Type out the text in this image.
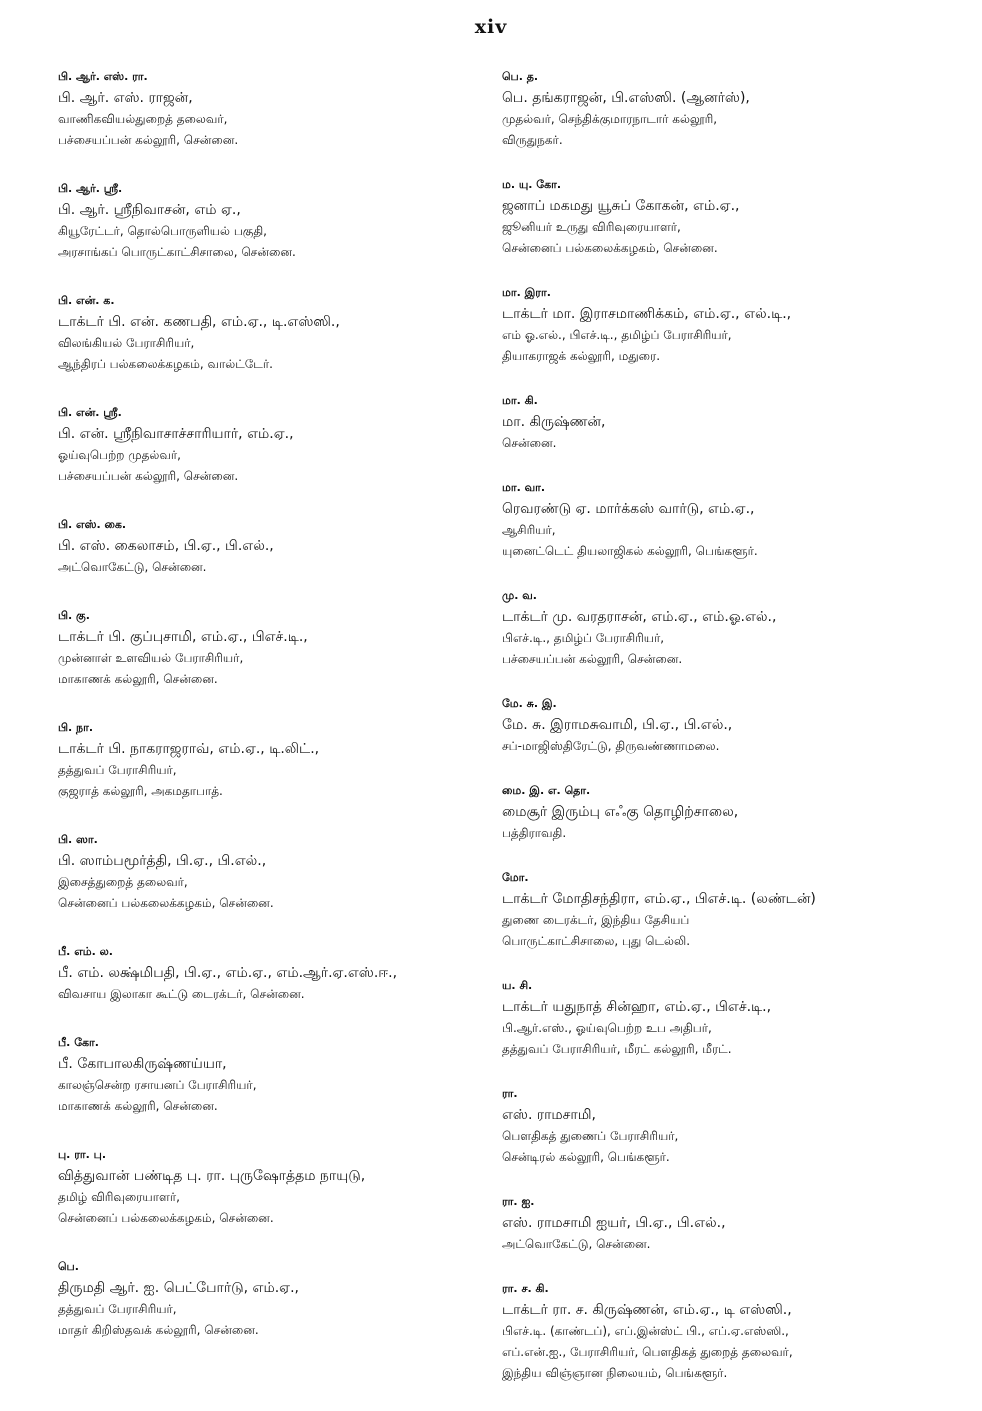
xiv
பி. ஆர். எஸ். ரா.
பி. ஆர். எஸ். ராஜன்,
வாணிகவியல்துறைத் தலைவர்,
பச்சையப்பன் கல்லூரி, சென்னை.
பி. ஆர். ஸ்ரீ.
பி. ஆர். ஸ்ரீநிவாசன், எம் ஏ.,
கியூரேட்டர், தொல்பொருளியல் பகுதி,
அரசாங்கப் பொருட்காட்சிசாலை, சென்னை.
பி. என். க.
டாக்டர் பி. என். கணபதி, எம்.ஏ., டி.எஸ்ஸி.,
விலங்கியல் பேராசிரியர்,
ஆந்திரப் பல்கலைக்கழகம், வால்ட்டேர்.
பி. என். ஸ்ரீ.
பி. என். ஸ்ரீநிவாசாச்சாரியார், எம்.ஏ.,
ஓய்வுபெற்ற முதல்வர்,
பச்சையப்பன் கல்லூரி, சென்னை.
பி. எஸ். கை.
பி. எஸ். கைலாசம், பி.ஏ., பி.எல்.,
அட்வொகேட்டு, சென்னை.
பி. கு.
டாக்டர் பி. குப்புசாமி, எம்.ஏ., பிஎச்.டி.,
முன்னாள் உளவியல் பேராசிரியர்,
மாகாணக் கல்லூரி, சென்னை.
பி. நா.
டாக்டர் பி. நாகராஜராவ், எம்.ஏ., டி.லிட்.,
தத்துவப் பேராசிரியர்,
குஜராத் கல்லூரி, அகமதாபாத்.
பி. ஸா.
பி. ஸாம்பமூர்த்தி, பி.ஏ., பி.எல்.,
இசைத்துறைத் தலைவர்,
சென்னைப் பல்கலைக்கழகம், சென்னை.
பீ. எம். ல.
பீ. எம். லக்ஷ்மிபதி, பி.ஏ., எம்.ஏ., எம்.ஆர்.ஏ.எஸ்.ஈ.,
விவசாய இலாகா கூட்டு டைரக்டர், சென்னை.
பீ. கோ.
பீ. கோபாலகிருஷ்ணய்யா,
காலஞ்சென்ற ரசாயனப் பேராசிரியர்,
மாகாணக் கல்லூரி, சென்னை.
பு. ரா. பு.
வித்துவான் பண்டித பு. ரா. புருஷோத்தம நாயுடு,
தமிழ் விரிவுரையாளர்,
சென்னைப் பல்கலைக்கழகம், சென்னை.
பெ.
திருமதி ஆர். ஐ. பெட்போர்டு, எம்.ஏ.,
தத்துவப் பேராசிரியர்,
மாதர் கிறிஸ்தவக் கல்லூரி, சென்னை.
பெ. த.
பெ. தங்கராஜன், பி.எஸ்ஸி. (ஆனர்ஸ்),
முதல்வர், செந்திக்குமாரநாடார் கல்லூரி,
விருதுநகர்.
ம. யு. கோ.
ஜனாப் மகமது யூசுப் கோகன், எம்.ஏ.,
ஜூனியர் உருது விரிவுரையாளர்,
சென்னைப் பல்கலைக்கழகம், சென்னை.
மா. இரா.
டாக்டர் மா. இராசமாணிக்கம், எம்.ஏ., எல்.டி.,
எம் ஓ.எல்., பிஎச்.டி., தமிழ்ப் பேராசிரியர்,
தியாகராஜக் கல்லூரி, மதுரை.
மா. கி.
மா. கிருஷ்ணன்,
சென்னை.
மா. வா.
ரெவரண்டு ஏ. மார்க்கஸ் வார்டு, எம்.ஏ.,
ஆசிரியர்,
யுனைட்டெட் தியலாஜிகல் கல்லூரி, பெங்களூர்.
மு. வ.
டாக்டர் மு. வரதராசன், எம்.ஏ., எம்.ஓ.எல்.,
பிஎச்.டி., தமிழ்ப் பேராசிரியர்,
பச்சையப்பன் கல்லூரி, சென்னை.
மே. சு. இ.
மே. சு. இராமசுவாமி, பி.ஏ., பி.எல்.,
சப்-மாஜிஸ்திரேட்டு, திருவண்ணாமலை.
மை. இ. எ. தொ.
மைசூர் இரும்பு எஃகு தொழிற்சாலை,
பத்திராவதி.
மோ.
டாக்டர் மோதிசந்திரா, எம்.ஏ., பிஎச்.டி. (லண்டன்)
துணை டைரக்டர், இந்திய தேசியப்
பொருட்காட்சிசாலை, புது டெல்லி.
ய. சி.
டாக்டர் யதுநாத் சின்ஹா, எம்.ஏ., பிஎச்.டி.,
பி.ஆர்.எஸ்., ஓய்வுபெற்ற உப அதிபர்,
தத்துவப் பேராசிரியர், மீரட் கல்லூரி, மீரட்.
ரா.
எஸ். ராமசாமி,
பௌதிகத் துணைப் பேராசிரியர்,
சென்டிரல் கல்லூரி, பெங்களூர்.
ரா. ஐ.
எஸ். ராமசாமி ஐயர், பி.ஏ., பி.எல்.,
அட்வொகேட்டு, சென்னை.
ரா. ச. கி.
டாக்டர் ரா. ச. கிருஷ்ணன், எம்.ஏ., டி எஸ்ஸி.,
பிஎச்.டி. (காண்டப்), எப்.இன்ஸ்ட் பி., எப்.ஏ.எஸ்ஸி.,
எப்.என்.ஐ., பேராசிரியர், பௌதிகத் துறைத் தலைவர்,
இந்திய விஞ்ஞான நிலையம், பெங்களூர்.
